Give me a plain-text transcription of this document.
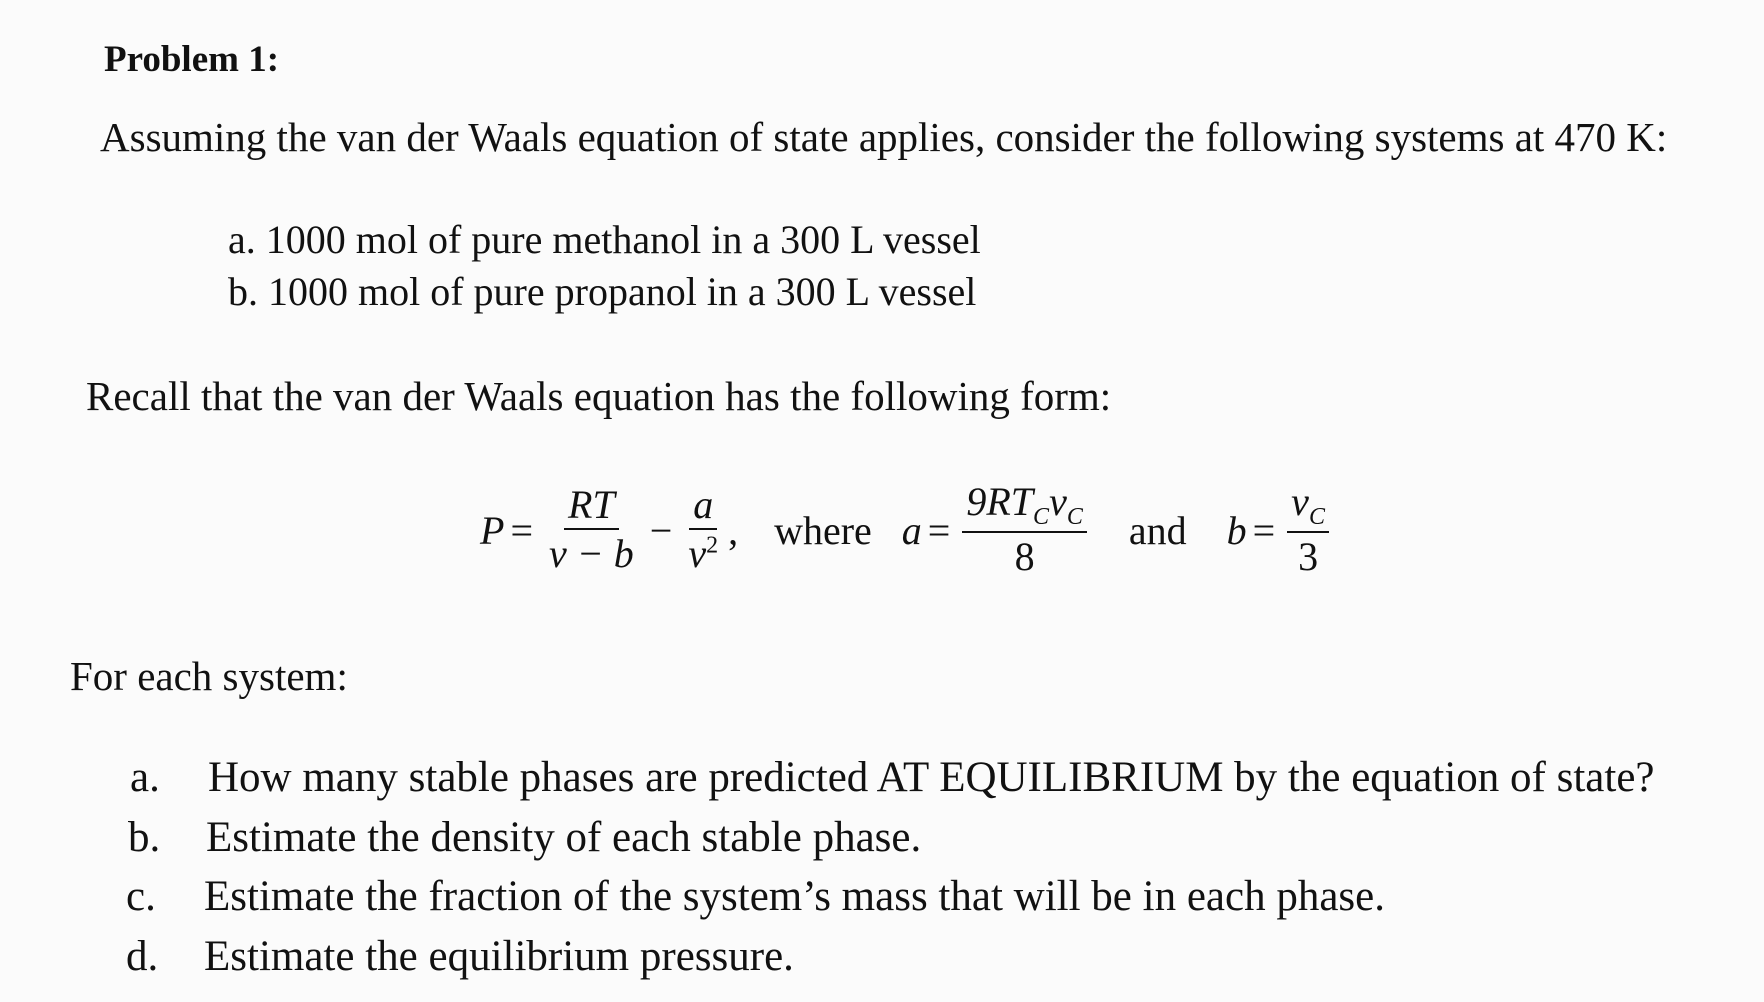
Problem 1:
Assuming the van der Waals equation of state applies, consider the following systems at 470 K:
a. 1000 mol of pure methanol in a 300 L vessel
b. 1000 mol of pure propanol in a 300 L vessel
Recall that the van der Waals equation has the following form:
$P = \frac{RT}{v - b} - \frac{a}{v^2}$ , where $a = \frac{9RT_Cv_C}{8}$ and $b = \frac{v_C}{3}$
For each system:
a. How many stable phases are predicted AT EQUILIBRIUM by the equation of state?
b. Estimate the density of each stable phase.
c. Estimate the fraction of the system’s mass that will be in each phase.
d. Estimate the equilibrium pressure.
